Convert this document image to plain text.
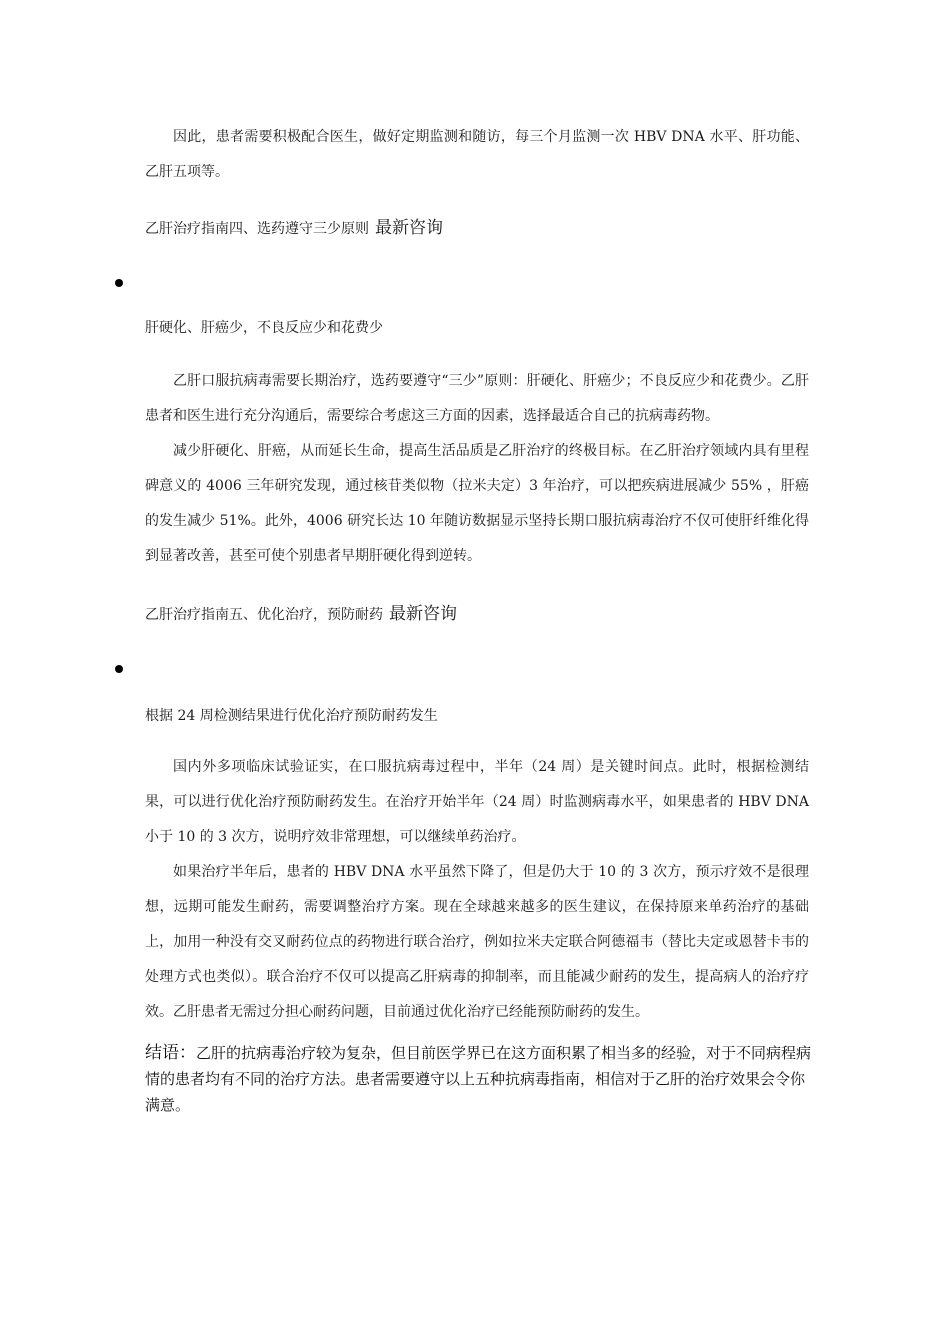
因此，患者需要积极配合医生，做好定期监测和随访，每三个月监测一次 HBV DNA 水平、肝功能、乙肝五项等。

乙肝治疗指南四、选药遵守三少原则 最新咨询

肝硬化、肝癌少，不良反应少和花费少

乙肝口服抗病毒需要长期治疗，选药要遵守“三少”原则：肝硬化、肝癌少；不良反应少和花费少。乙肝患者和医生进行充分沟通后，需要综合考虑这三方面的因素，选择最适合自己的抗病毒药物。

减少肝硬化、肝癌，从而延长生命，提高生活品质是乙肝治疗的终极目标。在乙肝治疗领域内具有里程碑意义的 4006 三年研究发现，通过核苷类似物（拉米夫定）3 年治疗，可以把疾病进展减少 55% ，肝癌的发生减少 51%。此外，4006 研究长达 10 年随访数据显示坚持长期口服抗病毒治疗不仅可使肝纤维化得到显著改善，甚至可使个别患者早期肝硬化得到逆转。

乙肝治疗指南五、优化治疗，预防耐药 最新咨询

根据 24 周检测结果进行优化治疗预防耐药发生

国内外多项临床试验证实，在口服抗病毒过程中，半年（24 周）是关键时间点。此时，根据检测结果，可以进行优化治疗预防耐药发生。在治疗开始半年（24 周）时监测病毒水平，如果患者的 HBV DNA 小于 10 的 3 次方，说明疗效非常理想，可以继续单药治疗。

如果治疗半年后，患者的 HBV DNA 水平虽然下降了，但是仍大于 10 的 3 次方，预示疗效不是很理想，远期可能发生耐药，需要调整治疗方案。现在全球越来越多的医生建议，在保持原来单药治疗的基础上，加用一种没有交叉耐药位点的药物进行联合治疗，例如拉米夫定联合阿德福韦（替比夫定或恩替卡韦的处理方式也类似）。联合治疗不仅可以提高乙肝病毒的抑制率，而且能减少耐药的发生，提高病人的治疗疗效。乙肝患者无需过分担心耐药问题，目前通过优化治疗已经能预防耐药的发生。

结语：乙肝的抗病毒治疗较为复杂，但目前医学界已在这方面积累了相当多的经验，对于不同病程病情的患者均有不同的治疗方法。患者需要遵守以上五种抗病毒指南，相信对于乙肝的治疗效果会令你满意。
